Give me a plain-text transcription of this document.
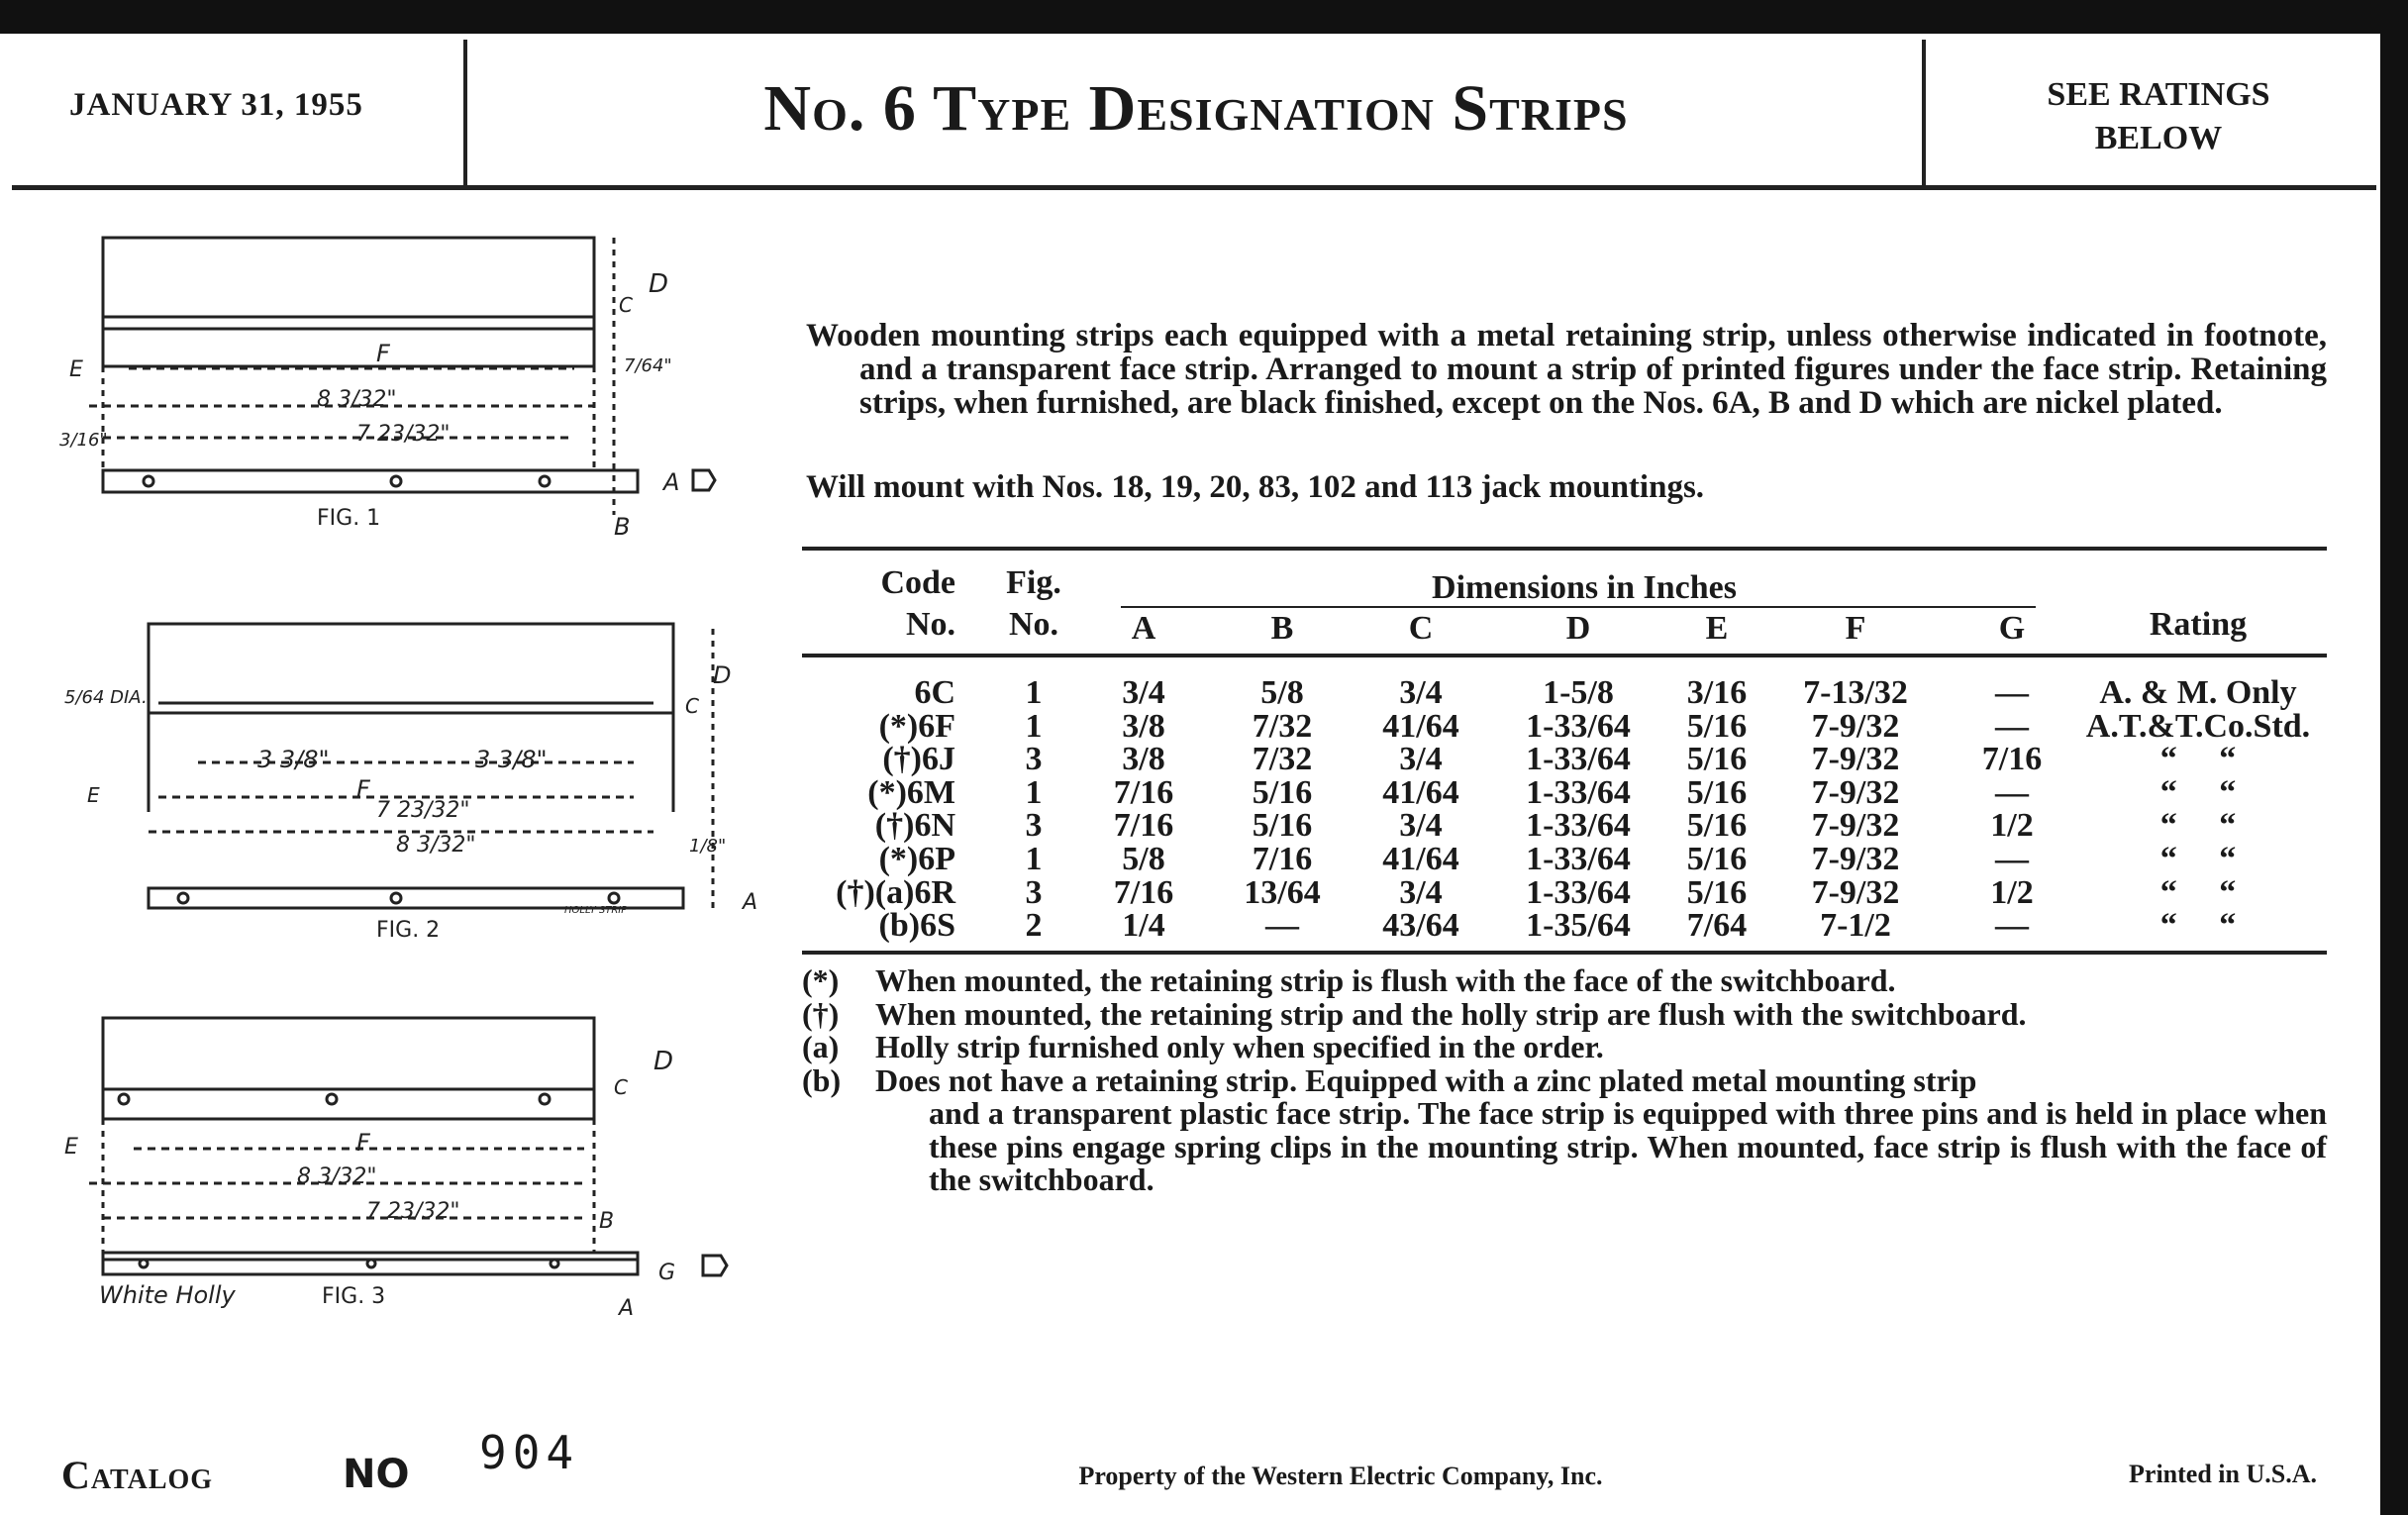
JANUARY 31, 1955	No. 6 Type Designation Strips	SEE RATINGS
BELOW
F
8 3/32"
7 23/32"
E
3/16"
7/64"
D
C
A
B
FIG. 1
5/64 DIA.
3 3/8"	3 3/8"
F
7 23/32"
8 3/32"	1/8"
D
C
A
HOLLY STRIP
E
FIG. 2
F
8 3/32"
7 23/32"
E
D
C
B
G
A
White Holly	FIG. 3
Wooden mounting strips each equipped with a metal retaining strip, unless otherwise indicated in footnote, and a transparent face strip. Arranged to mount a strip of printed figures under the face strip. Retaining strips, when furnished, are black finished, except on the Nos. 6A, B and D which are nickel plated.
Will mount with Nos. 18, 19, 20, 83, 102 and 113 jack mountings.
Code
No.
Fig.
No.
Dimensions in Inches
A	B	C	D	E	F	G	Rating
6C	1	3/4	5/8	3/4	1-5/8	3/16	7-13/32	—	A. & M. Only
(*)6F	1	3/8	7/32	41/64	1-33/64	5/16	7-9/32	—	A.T.&T.Co.Std.
(†)6J	3	3/8	7/32	3/4	1-33/64	5/16	7-9/32	7/16	“     “
(*)6M	1	7/16	5/16	41/64	1-33/64	5/16	7-9/32	—	“     “
(†)6N	3	7/16	5/16	3/4	1-33/64	5/16	7-9/32	1/2	“     “
(*)6P	1	5/8	7/16	41/64	1-33/64	5/16	7-9/32	—	“     “
(†)(a)6R	3	7/16	13/64	3/4	1-33/64	5/16	7-9/32	1/2	“     “
(b)6S	2	1/4	—	43/64	1-35/64	7/64	7-1/2	—	“     “
(*)	When mounted, the retaining strip is flush with the face of the switchboard.
(†)	When mounted, the retaining strip and the holly strip are flush with the switchboard.
(a)	Holly strip furnished only when specified in the order.
(b)	Does not have a retaining strip. Equipped with a zinc plated metal mounting strip
and a transparent plastic face strip. The face strip is equipped with three pins and is held in place when these pins engage spring clips in the mounting strip. When mounted, face strip is flush with the face of the switchboard.
Catalog	NO 904	Property of the Western Electric Company, Inc.	Printed in U.S.A.
